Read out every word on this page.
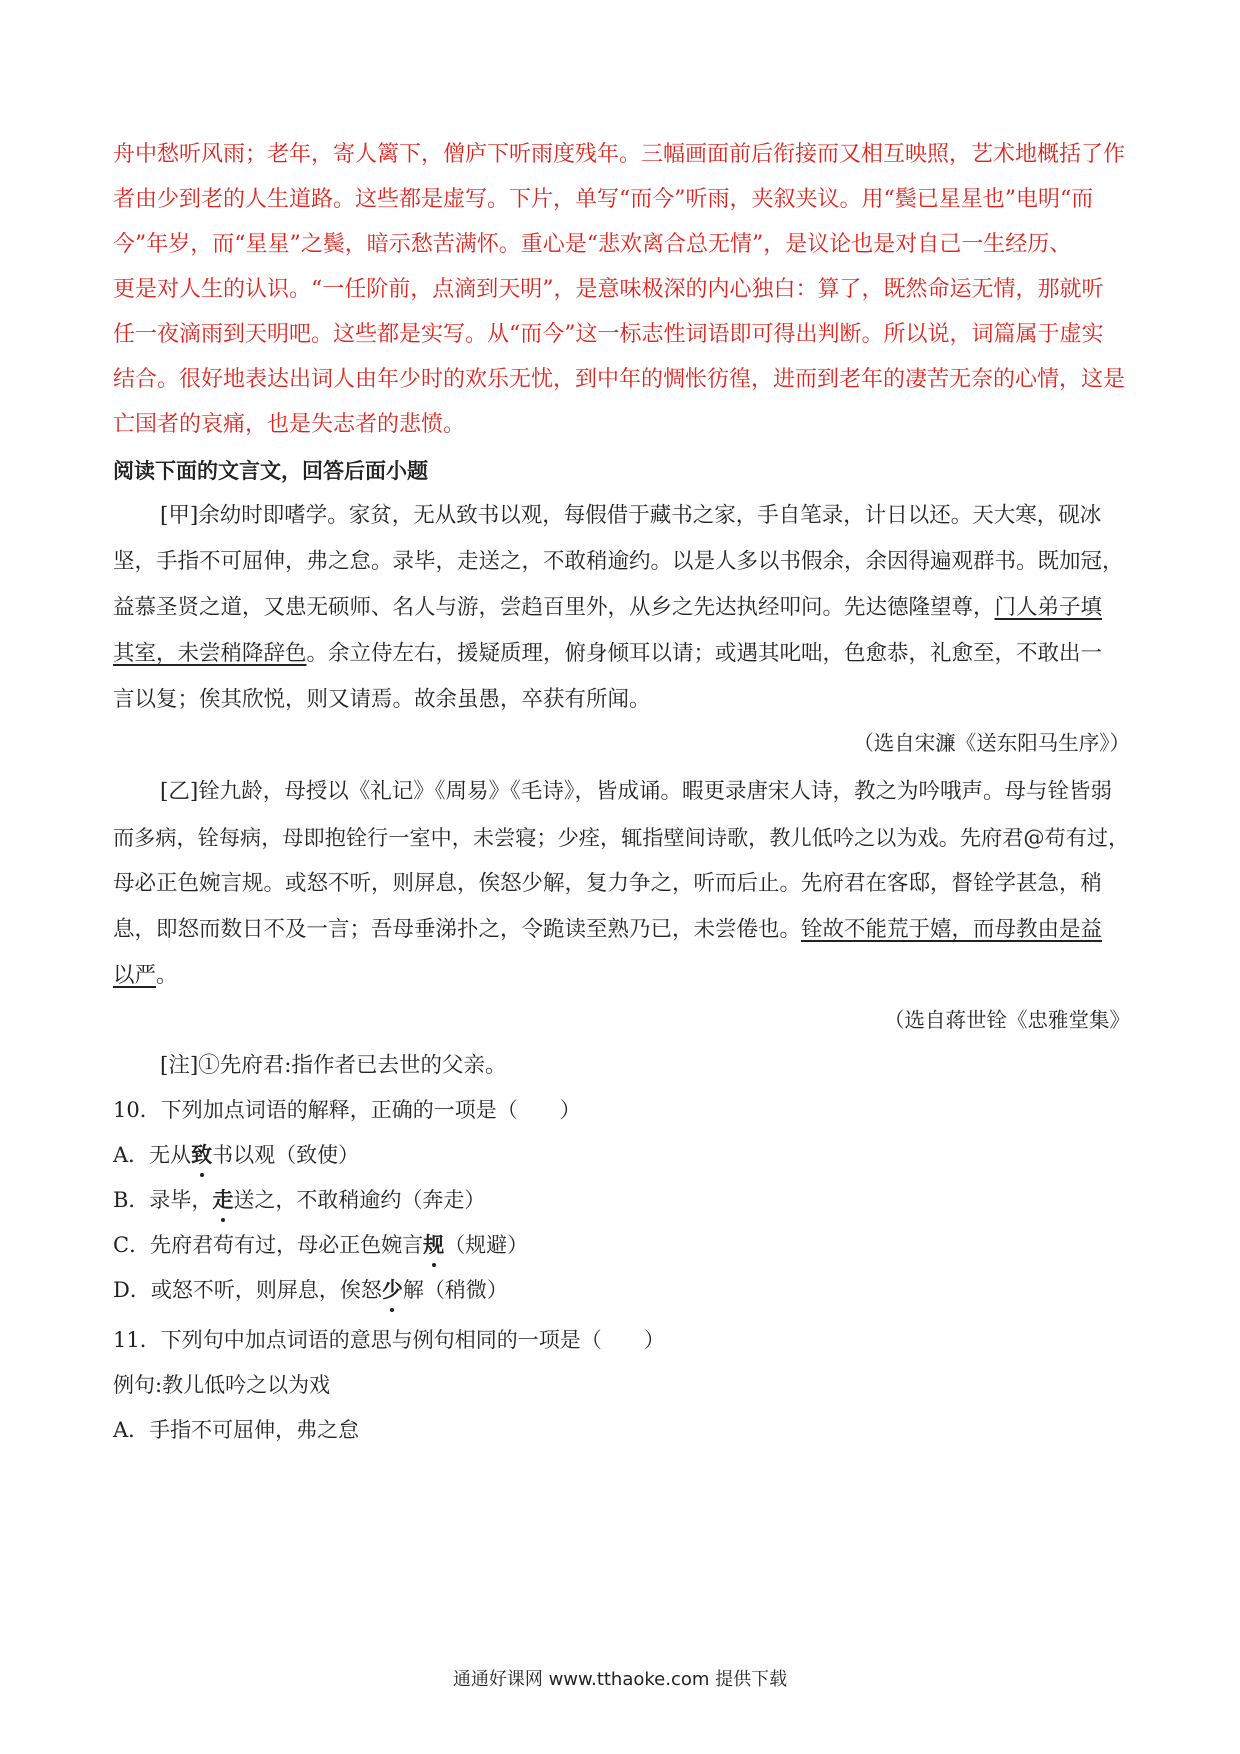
舟中愁听风雨；老年，寄人篱下，僧庐下听雨度残年。三幅画面前后衔接而又相互映照，艺术地概括了作
者由少到老的人生道路。这些都是虚写。下片，单写“而今”听雨，夹叙夹议。用“鬓已星星也”电明“而
今”年岁，而“星星”之鬓，暗示愁苦满怀。重心是“悲欢离合总无情”，是议论也是对自己一生经历、
更是对人生的认识。“一任阶前，点滴到天明”，是意味极深的内心独白：算了，既然命运无情，那就听
任一夜滴雨到天明吧。这些都是实写。从“而今”这一标志性词语即可得出判断。所以说，词篇属于虚实
结合。很好地表达出词人由年少时的欢乐无忧，到中年的惆怅彷徨，进而到老年的凄苦无奈的心情，这是
亡国者的哀痛，也是失志者的悲愤。
阅读下面的文言文，回答后面小题
[甲]余幼时即嗜学。家贫，无从致书以观，每假借于藏书之家，手自笔录，计日以还。天大寒，砚冰
坚，手指不可屈伸，弗之怠。录毕，走送之，不敢稍逾约。以是人多以书假余，余因得遍观群书。既加冠，
益慕圣贤之道，又患无硕师、名人与游，尝趋百里外，从乡之先达执经叩问。先达德隆望尊，门人弟子填
其室，未尝稍降辞色。余立侍左右，援疑质理，俯身倾耳以请；或遇其叱咄，色愈恭，礼愈至，不敢出一
言以复；俟其欣悦，则又请焉。故余虽愚，卒获有所闻。
（选自宋濂《送东阳马生序》）
[乙]铨九龄，母授以《礼记》《周易》《毛诗》，皆成诵。暇更录唐宋人诗，教之为吟哦声。母与铨皆弱
而多病，铨每病，母即抱铨行一室中，未尝寝；少痊，辄指壁间诗歌，教儿低吟之以为戏。先府君@苟有过，
母必正色婉言规。或怒不听，则屏息，俟怒少解，复力争之，听而后止。先府君在客邸，督铨学甚急，稍
息，即怒而数日不及一言；吾母垂涕扑之，令跪读至熟乃已，未尝倦也。铨故不能荒于嬉，而母教由是益
以严。
（选自蒋世铨《忠雅堂集》
[注]①先府君:指作者已去世的父亲。
10．下列加点词语的解释，正确的一项是（　　）
A．无从致书以观（致使）
B．录毕，走送之，不敢稍逾约（奔走）
C．先府君苟有过，母必正色婉言规（规避）
D．或怒不听，则屏息，俟怒少解（稍微）
11．下列句中加点词语的意思与例句相同的一项是（　　）
例句:教儿低吟之以为戏
A．手指不可屈伸，弗之怠
通通好课网 www.tthaoke.com 提供下载
